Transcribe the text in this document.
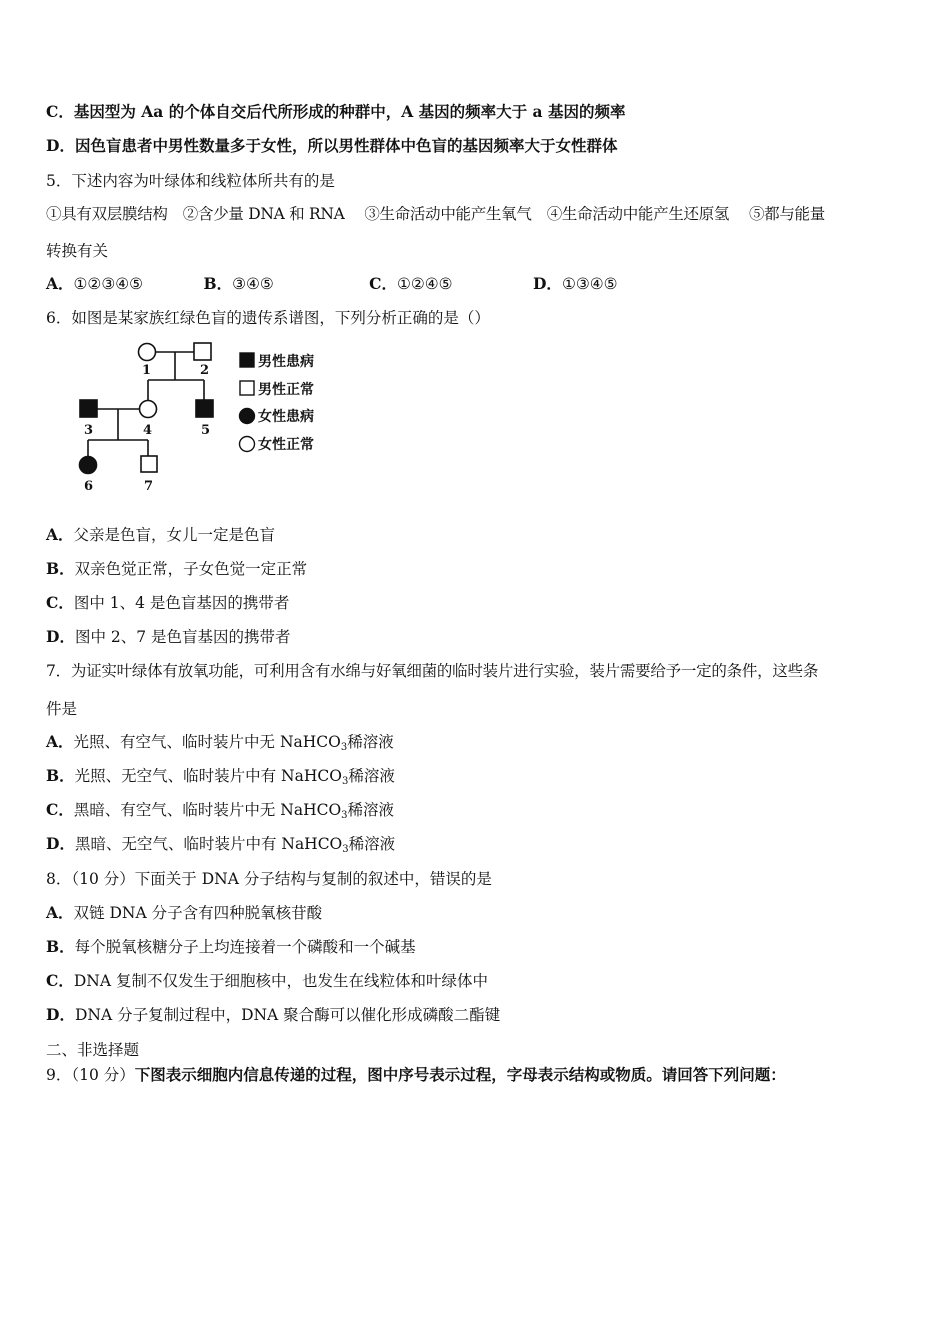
C．基因型为 Aa 的个体自交后代所形成的种群中，A 基因的频率大于 a 基因的频率
D．因色盲患者中男性数量多于女性，所以男性群体中色盲的基因频率大于女性群体
5．下述内容为叶绿体和线粒体所共有的是
①具有双层膜结构　②含少量 DNA 和 RNA　 ③生命活动中能产生氧气　④生命活动中能产生还原氢　 ⑤都与能量
转换有关
A．①②③④⑤	B．③④⑤	C．①②④⑤	D．①③④⑤
6．如图是某家族红绿色盲的遗传系谱图，下列分析正确的是（）
1	2
3	4	5
6	7
男性患病
男性正常
女性患病
女性正常
A．父亲是色盲，女儿一定是色盲
B．双亲色觉正常，子女色觉一定正常
C．图中 1、4 是色盲基因的携带者
D．图中 2、7 是色盲基因的携带者
7．为证实叶绿体有放氧功能，可利用含有水绵与好氧细菌的临时装片进行实验，装片需要给予一定的条件，这些条
件是
A．光照、有空气、临时装片中无 NaHCO$_3$稀溶液
B．光照、无空气、临时装片中有 NaHCO$_3$稀溶液
C．黑暗、有空气、临时装片中无 NaHCO$_3$稀溶液
D．黑暗、无空气、临时装片中有 NaHCO$_3$稀溶液
8．（10 分）下面关于 DNA 分子结构与复制的叙述中，错误的是
A．双链 DNA 分子含有四种脱氧核苷酸
B．每个脱氧核糖分子上均连接着一个磷酸和一个碱基
C．DNA 复制不仅发生于细胞核中，也发生在线粒体和叶绿体中
D．DNA 分子复制过程中，DNA 聚合酶可以催化形成磷酸二酯键
二、非选择题
9．（10 分）下图表示细胞内信息传递的过程，图中序号表示过程，字母表示结构或物质。请回答下列问题：
